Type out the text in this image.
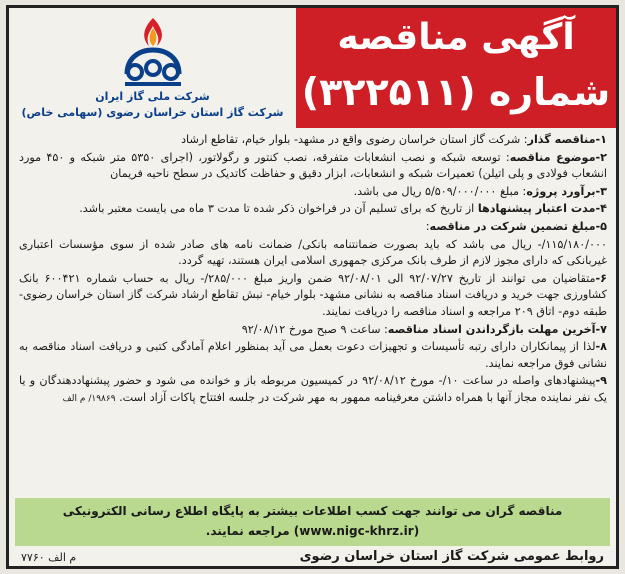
شرکت ملی گاز ایران
شرکت گاز استان خراسان رضوی (سهامی خاص)
آگهی مناقصه
شماره (۳۲۲۵۱۱)
۱-مناقصه گذار: شرکت گاز استان خراسان رضوی واقع در مشهد- بلوار خیام، تقاطع ارشاد
۲-موضوع مناقصه: توسعه شبکه و نصب انشعابات متفرقه، نصب کنتور و رگولاتور، (اجرای ۵۳۵۰ متر شبکه و ۴۵۰ مورد انشعاب فولادی و پلی اتیلن) تعمیرات شبکه و انشعابات، ابزار دقیق و حفاظت کاتدیک در سطح ناحیه فریمان
۳-برآورد پروژه: مبلغ ۵/۵۰۹/۰۰۰/۰۰۰ ریال می باشد.
۴-مدت اعتبار پیشنهادها از تاریخ که برای تسلیم آن در فراخوان ذکر شده تا مدت ۳ ماه می بایست معتبر باشد.
۵-مبلغ تضمین شرکت در مناقصه:
۱۱۵/۱۸۰/۰۰۰/- ریال می باشد که باید بصورت ضمانتنامه بانکی/ ضمانت نامه های صادر شده از سوی مؤسسات اعتباری غیربانکی که دارای مجوز لازم از طرف بانک مرکزی جمهوری اسلامی ایران هستند، تهیه گردد.
۶-متقاضیان می توانند از تاریخ ۹۲/۰۷/۲۷ الی ۹۲/۰۸/۰۱ ضمن واریز مبلغ ۲۸۵/۰۰۰/- ریال به حساب شماره ۶۰۰۴۲۱ بانک کشاورزی جهت خرید و دریافت اسناد مناقصه به نشانی مشهد- بلوار خیام- نبش تقاطع ارشاد شرکت گاز استان خراسان رضوی- طبقه دوم- اتاق ۲۰۹ مراجعه و اسناد مناقصه را دریافت نمایند.
۷-آخرین مهلت بازگرداندن اسناد مناقصه: ساعت ۹ صبح مورخ ۹۲/۰۸/۱۲
۸-لذا از پیمانکاران دارای رتبه تأسیسات و تجهیزات دعوت بعمل می آید بمنظور اعلام آمادگی کتبی و دریافت اسناد مناقصه به نشانی فوق مراجعه نمایند.
۹-پیشنهادهای واصله در ساعت ۱۰/- مورخ ۹۲/۰۸/۱۲ در کمیسیون مربوطه باز و خوانده می شود و حضور پیشنهاددهندگان و یا یک نفر نماینده مجاز آنها با همراه داشتن معرفینامه ممهور به مهر شرکت در جلسه افتتاح پاکات آزاد است. ۱۹۸۶۹/ م الف
مناقصه گران می توانند جهت کسب اطلاعات بیشتر به پایگاه اطلاع رسانی الکترونیکی
(www.nigc-khrz.ir) مراجعه نمایند.
روابط عمومی شرکت گاز استان خراسان رضوی
م الف ۷۷۶۰
